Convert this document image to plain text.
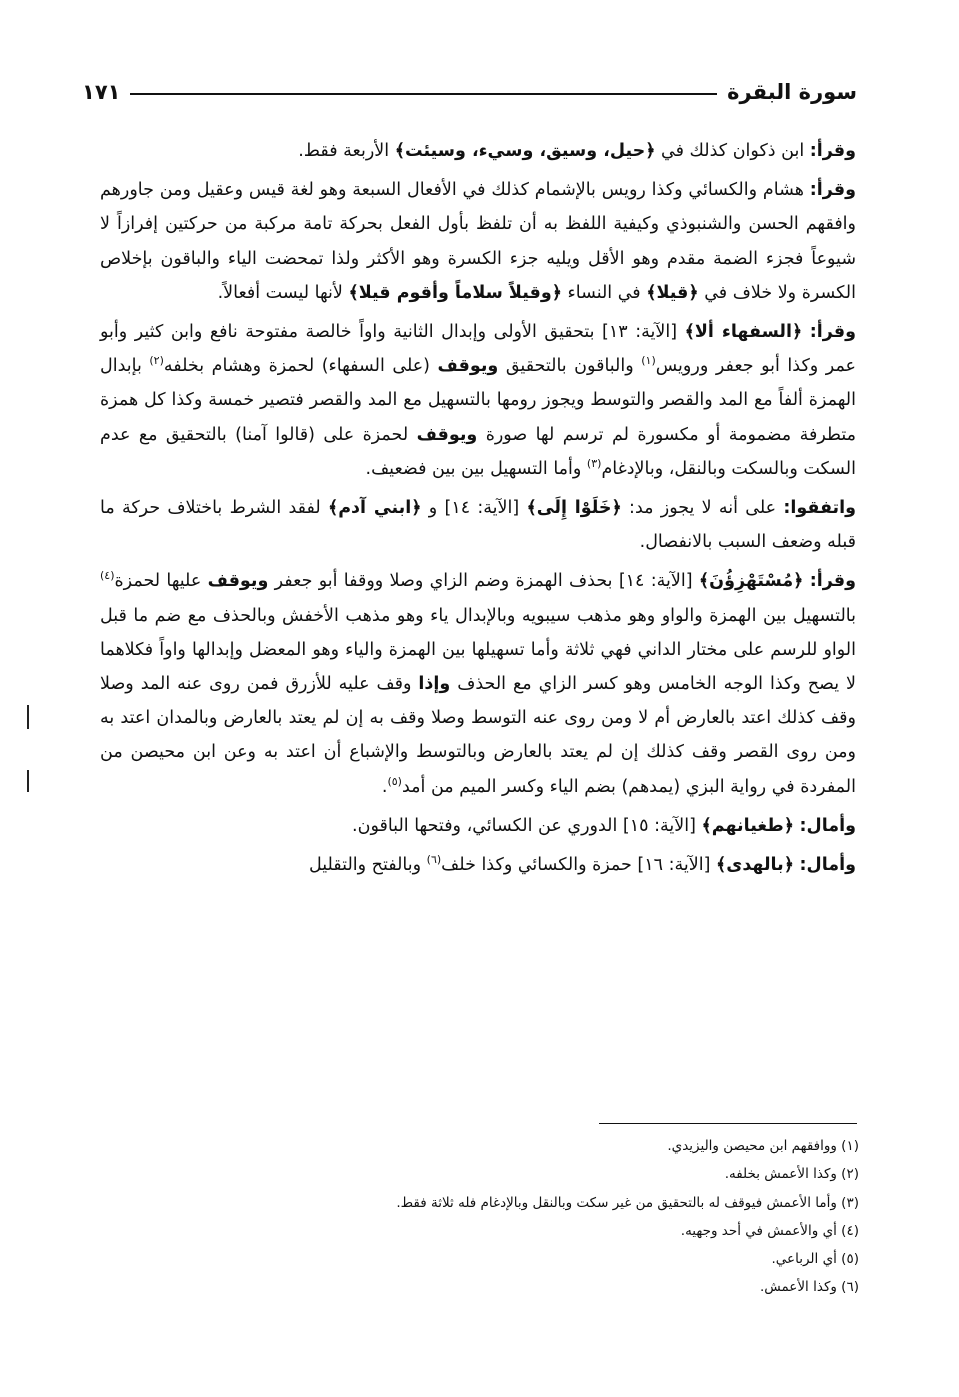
سورة البقرة
١٧١

وقرأ: ابن ذكوان كذلك في ﴿حيل، وسيق، وسيء، وسيئت﴾ الأربعة فقط.

وقرأ: هشام والكسائي وكذا رويس بالإشمام كذلك في الأفعال السبعة وهو لغة قيس وعقيل ومن جاورهم وافقهم الحسن والشنبوذي وكيفية اللفظ به أن تلفظ بأول الفعل بحركة تامة مركبة من حركتين إفرازاً لا شيوعاً فجزء الضمة مقدم وهو الأقل ويليه جزء الكسرة وهو الأكثر ولذا تمحضت الياء والباقون بإخلاص الكسرة ولا خلاف في ﴿قيلا﴾ في النساء ﴿وقيلاً سلاماً وأقوم قيلا﴾ لأنها ليست أفعالاً.

وقرأ: ﴿السفهاء ألا﴾ [الآية: ١٣] بتحقيق الأولى وإبدال الثانية واواً خالصة مفتوحة نافع وابن كثير وأبو عمر وكذا أبو جعفر ورويس$^{(١)}$ والباقون بالتحقيق ويوقف (على السفهاء) لحمزة وهشام بخلفه$^{(٢)}$ بإبدال الهمزة ألفاً مع المد والقصر والتوسط ويجوز رومها بالتسهيل مع المد والقصر فتصير خمسة وكذا كل همزة متطرفة مضمومة أو مكسورة لم ترسم لها صورة ويوقف لحمزة على (قالوا آمنا) بالتحقيق مع عدم السكت وبالسكت وبالنقل، وبالإدغام$^{(٣)}$ وأما التسهيل بين بين فضعيف.

واتفقوا: على أنه لا يجوز مد: ﴿خَلَوْا إِلَى﴾ [الآية: ١٤] و ﴿ابني آدم﴾ لفقد الشرط باختلاف حركة ما قبله وضعف السبب بالانفصال.

وقرأ: ﴿مُسْتَهْزِؤُنَ﴾ [الآية: ١٤] بحذف الهمزة وضم الزاي وصلا ووقفا أبو جعفر ويوقف عليها لحمزة$^{(٤)}$ بالتسهيل بين الهمزة والواو وهو مذهب سيبويه وبالإبدال ياء وهو مذهب الأخفش وبالحذف مع ضم ما قبل الواو للرسم على مختار الداني فهي ثلاثة وأما تسهيلها بين الهمزة والياء وهو المعضل وإبدالها واواً فكلاهما لا يصح وكذا الوجه الخامس وهو كسر الزاي مع الحذف وإذا وقف عليه للأزرق فمن روى عنه المد وصلا وقف كذلك اعتد بالعارض أم لا ومن روى عنه التوسط وصلا وقف به إن لم يعتد بالعارض وبالمدان اعتد به ومن روى القصر وقف كذلك إن لم يعتد بالعارض وبالتوسط والإشباع أن اعتد به وعن ابن محيصن من المفردة في رواية البزي (يمدهم) بضم الياء وكسر الميم من أمد$^{(٥)}$.

وأمال: ﴿طغيانهم﴾ [الآية: ١٥] الدوري عن الكسائي، وفتحها الباقون.

وأمال: ﴿بالهدى﴾ [الآية: ١٦] حمزة والكسائي وكذا خلف$^{(٦)}$ وبالفتح والتقليل

(١) ووافقهم ابن محيصن واليزيدي.
(٢) وكذا الأعمش بخلفه.
(٣) وأما الأعمش فيوقف له بالتحقيق من غير سكت وبالنقل وبالإدغام فله ثلاثة فقط.
(٤) أي والأعمش في أحد وجهيه.
(٥) أي الرباعي.
(٦) وكذا الأعمش.
